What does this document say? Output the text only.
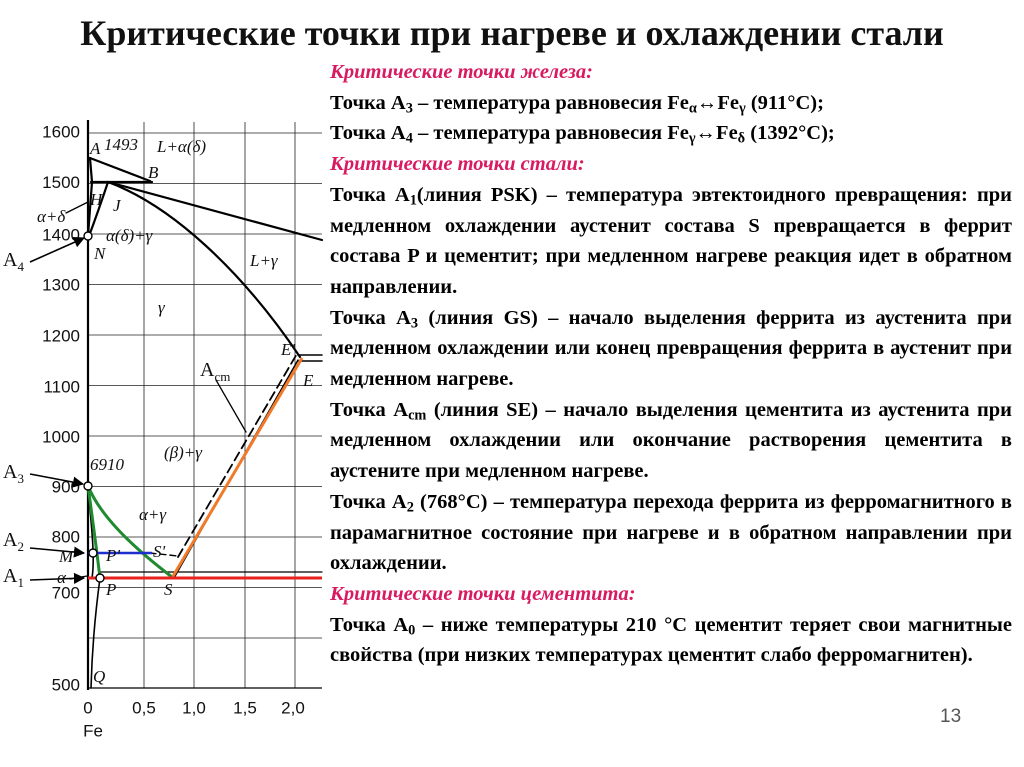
Критические точки при нагреве и охлаждении стали
1600
1500
1400
1300
1200
1100
1000
900
800
700
500
0 0,5 1,0 1,5 2,0
Fe
$A_4$
$A_3$
$A_2$
$A_1$
$A_{cm}$
A 1493 L+α(δ)
B
H J
N
α+δ
α(δ)+γ
L+γ
γ
E'
E
(β)+γ
6910
α+γ
S'
S
M P'
α
P
Q

Критические точки железа:

Точка $A_3$ – температура равновесия $Fe_\alpha\leftrightarrow Fe_\gamma$ (911°C);

Точка $A_4$ – температура равновесия $Fe_\gamma\leftrightarrow Fe_\delta$ (1392°C);

Критические точки стали:

Точка $A_1(линия$ PSK) – температура эвтектоидного превращения: при медленном охлаждении аустенит состава S превращается в феррит состава P и цементит; при медленном нагреве реакция идет в обратном направлении.

Точка $A_3$ (линия GS) – начало выделения феррита из аустенита при медленном охлаждении или конец превращения феррита в аустенит при медленном нагреве.

Точка $A_{cm}$ (линия SE) – начало выделения цементита из аустенита при медленном охлаждении или окончание растворения цементита в аустените при медленном нагреве.

Точка $A_2$ (768°C) – температура перехода феррита из ферромагнитного в парамагнитное состояние при нагреве и в обратном направлении при охлаждении.

Критические точки цементита:

Точка $A_0$ – ниже температуры 210 °C цементит теряет свои магнитные свойства (при низких температурах цементит слабо ферромагнитен).

13
